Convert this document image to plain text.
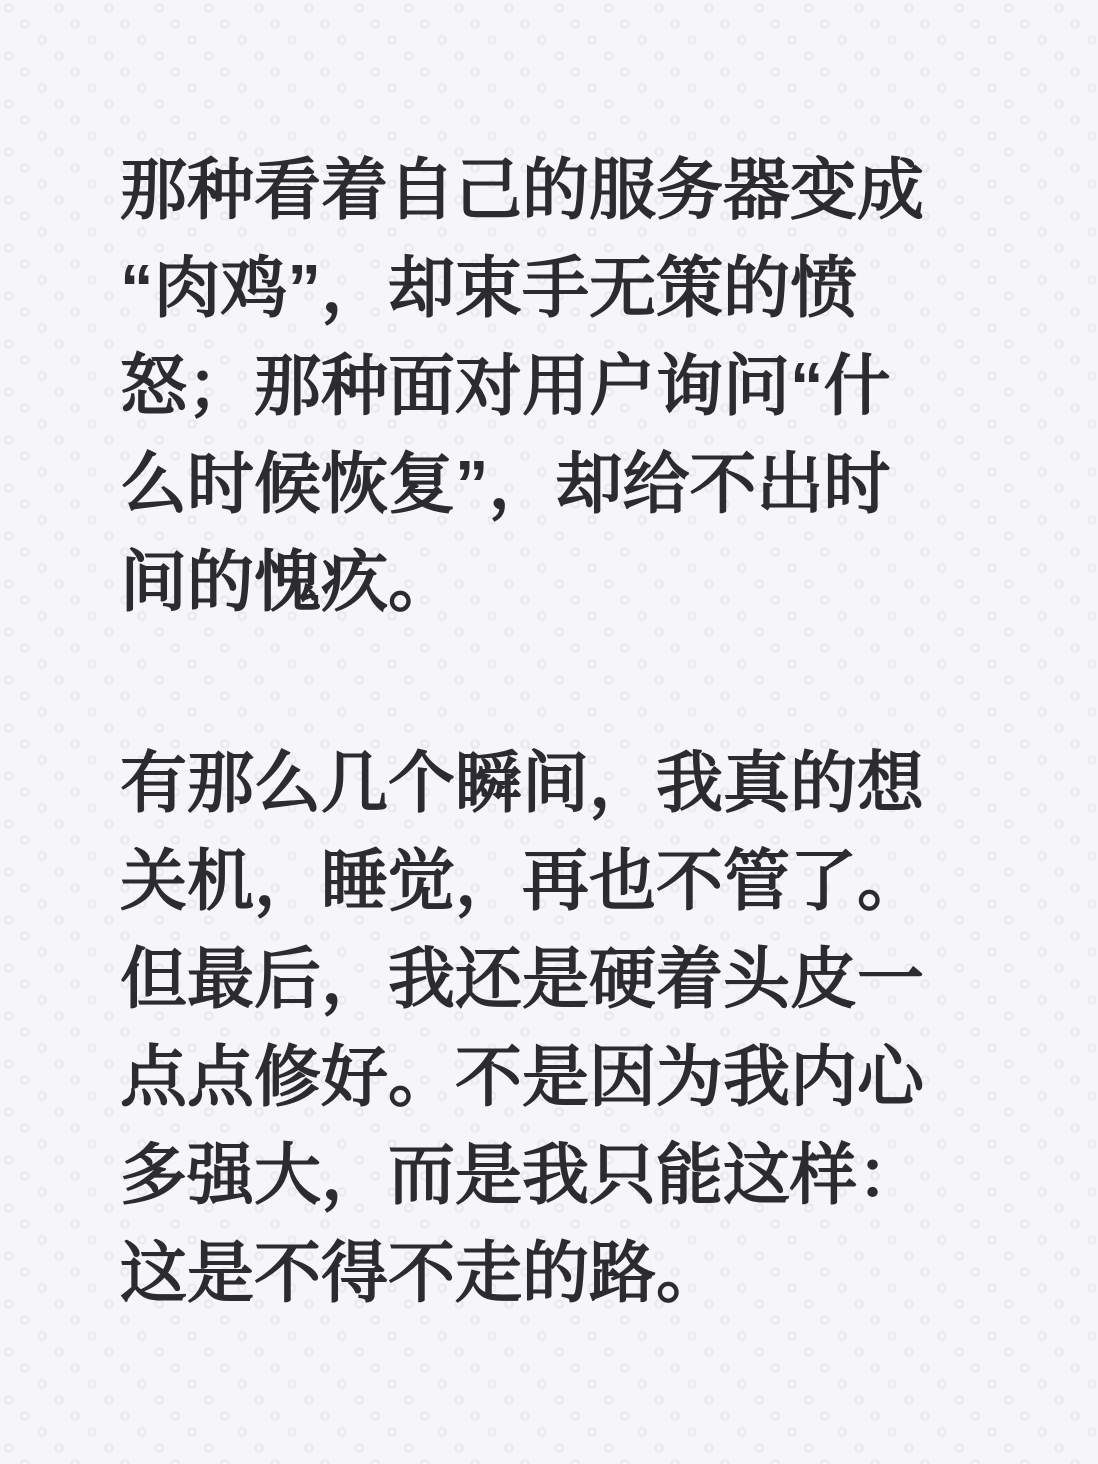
那种看着自己的服务器变成
“肉鸡”，却束手无策的愤
怒；那种面对用户询问“什
么时候恢复”，却给不出时
间的愧疚。
有那么几个瞬间，我真的想
关机，睡觉，再也不管了。
但最后，我还是硬着头皮一
点点修好。不是因为我内心
多强大，而是我只能这样：
这是不得不走的路。
